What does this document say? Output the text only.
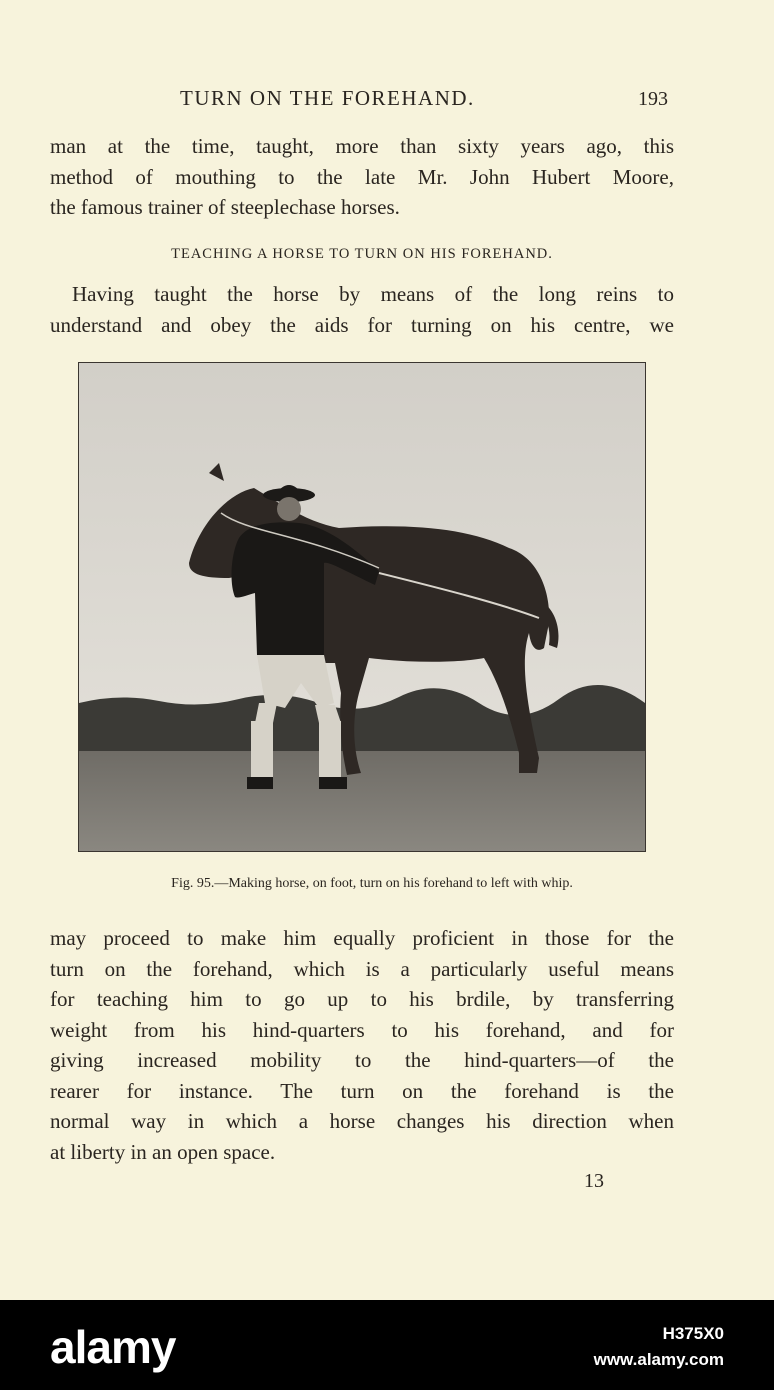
TURN ON THE FOREHAND.	193
man at the time, taught, more than sixty years ago, this
method of mouthing to the late Mr. John Hubert Moore,
the famous trainer of steeplechase horses.
TEACHING A HORSE TO TURN ON HIS FOREHAND.
Having taught the horse by means of the long reins to
understand and obey the aids for turning on his centre, we
Fig. 95.—Making horse, on foot, turn on his forehand to left with whip.
may proceed to make him equally proficient in those for the
turn on the forehand, which is a particularly useful means
for teaching him to go up to his brdile, by transferring
weight from his hind-quarters to his forehand, and for
giving increased mobility to the hind-quarters—of the
rearer for instance. The turn on the forehand is the
normal way in which a horse changes his direction when
at liberty in an open space.
13
alamy	H375X0
www.alamy.com
